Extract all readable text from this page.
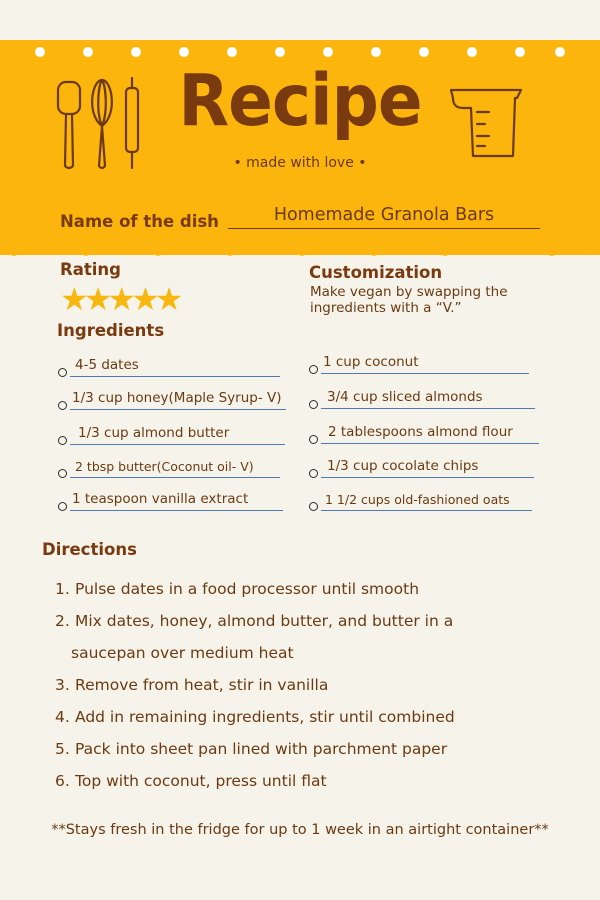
Recipe
• made with love •
Name of the dish	Homemade Granola Bars
Rating
★★★★★
Customization
Make vegan by swapping the ingredients with a “V.”
Ingredients
4-5 dates
1/3 cup honey(Maple Syrup- V)
1/3 cup almond butter
2 tbsp butter(Coconut oil- V)
1 teaspoon vanilla extract
1 cup coconut
3/4 cup sliced almonds
2 tablespoons almond flour
1/3 cup cocolate chips
1 1/2 cups old-fashioned oats
Directions
1. Pulse dates in a food processor until smooth
2. Mix dates, honey, almond butter, and butter in a
saucepan over medium heat
3. Remove from heat, stir in vanilla
4. Add in remaining ingredients, stir until combined
5. Pack into sheet pan lined with parchment paper
6. Top with coconut, press until flat
**Stays fresh in the fridge for up to 1 week in an airtight container**
